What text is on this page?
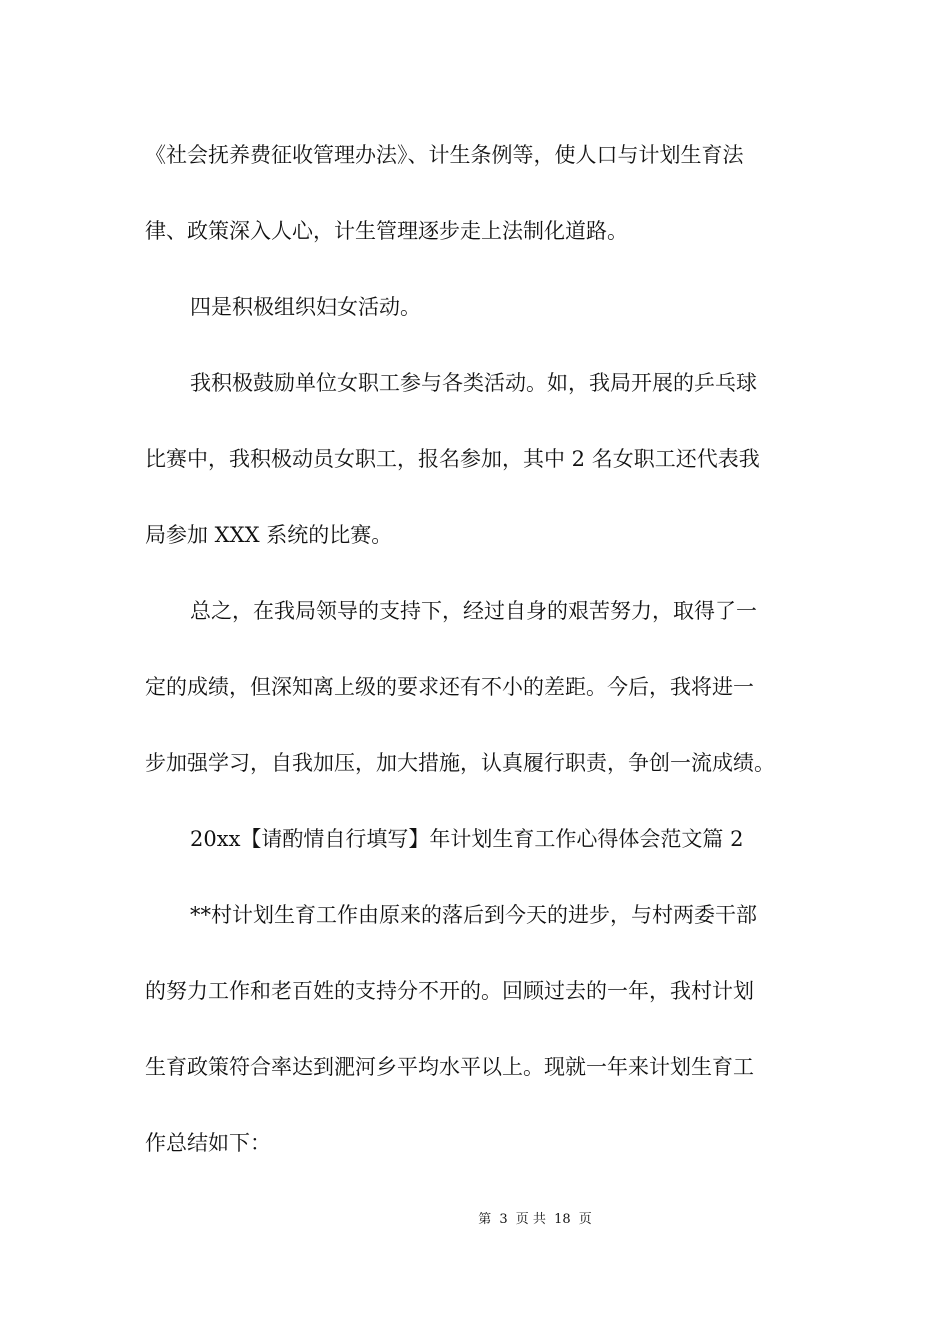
《社会抚养费征收管理办法》、计生条例等，使人口与计划生育法
律、政策深入人心，计生管理逐步走上法制化道路。
四是积极组织妇女活动。
我积极鼓励单位女职工参与各类活动。如，我局开展的乒乓球
比赛中，我积极动员女职工，报名参加，其中 2 名女职工还代表我
局参加 XXX 系统的比赛。
总之，在我局领导的支持下，经过自身的艰苦努力，取得了一
定的成绩，但深知离上级的要求还有不小的差距。今后，我将进一
步加强学习，自我加压，加大措施，认真履行职责，争创一流成绩。
20xx【请酌情自行填写】年计划生育工作心得体会范文篇 2
**村计划生育工作由原来的落后到今天的进步，与村两委干部
的努力工作和老百姓的支持分不开的。回顾过去的一年，我村计划
生育政策符合率达到淝河乡平均水平以上。现就一年来计划生育工
作总结如下：
第 3 页 共 18 页
